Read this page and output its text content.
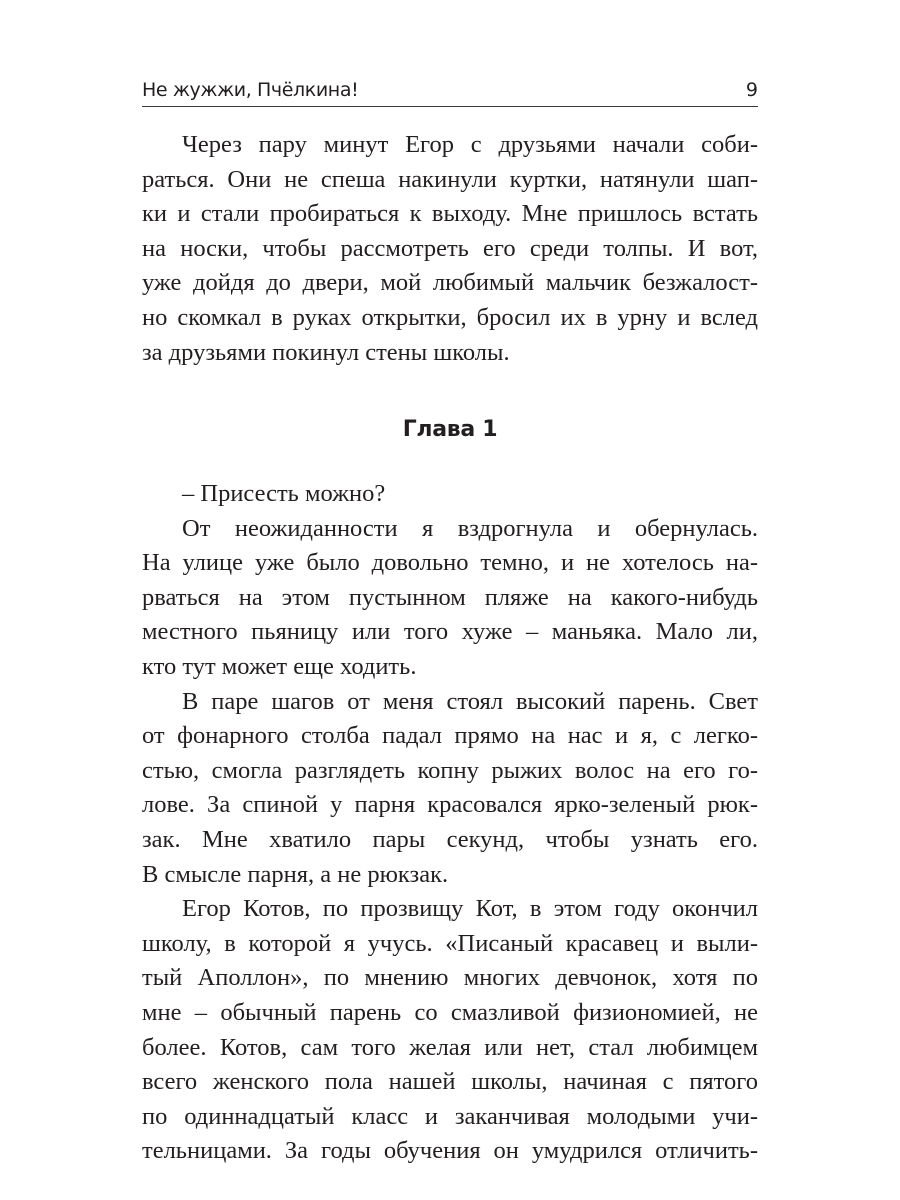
Не жужжи, Пчёлкина!	9
Через пару минут Егор с друзьями начали соби-
раться. Они не спеша накинули куртки, натянули шап-
ки и стали пробираться к выходу. Мне пришлось встать
на носки, чтобы рассмотреть его среди толпы. И вот,
уже дойдя до двери, мой любимый мальчик безжалост-
но скомкал в руках открытки, бросил их в урну и вслед
за друзьями покинул стены школы.
Глава 1
– Присесть можно?
От неожиданности я вздрогнула и обернулась.
На улице уже было довольно темно, и не хотелось на-
рваться на этом пустынном пляже на какого-нибудь
местного пьяницу или того хуже – маньяка. Мало ли,
кто тут может еще ходить.
В паре шагов от меня стоял высокий парень. Свет
от фонарного столба падал прямо на нас и я, с легко-
стью, смогла разглядеть копну рыжих волос на его го-
лове. За спиной у парня красовался ярко-зеленый рюк-
зак. Мне хватило пары секунд, чтобы узнать его.
В смысле парня, а не рюкзак.
Егор Котов, по прозвищу Кот, в этом году окончил
школу, в которой я учусь. «Писаный красавец и выли-
тый Аполлон», по мнению многих девчонок, хотя по
мне – обычный парень со смазливой физиономией, не
более. Котов, сам того желая или нет, стал любимцем
всего женского пола нашей школы, начиная с пятого
по одиннадцатый класс и заканчивая молодыми учи-
тельницами. За годы обучения он умудрился отличить-
